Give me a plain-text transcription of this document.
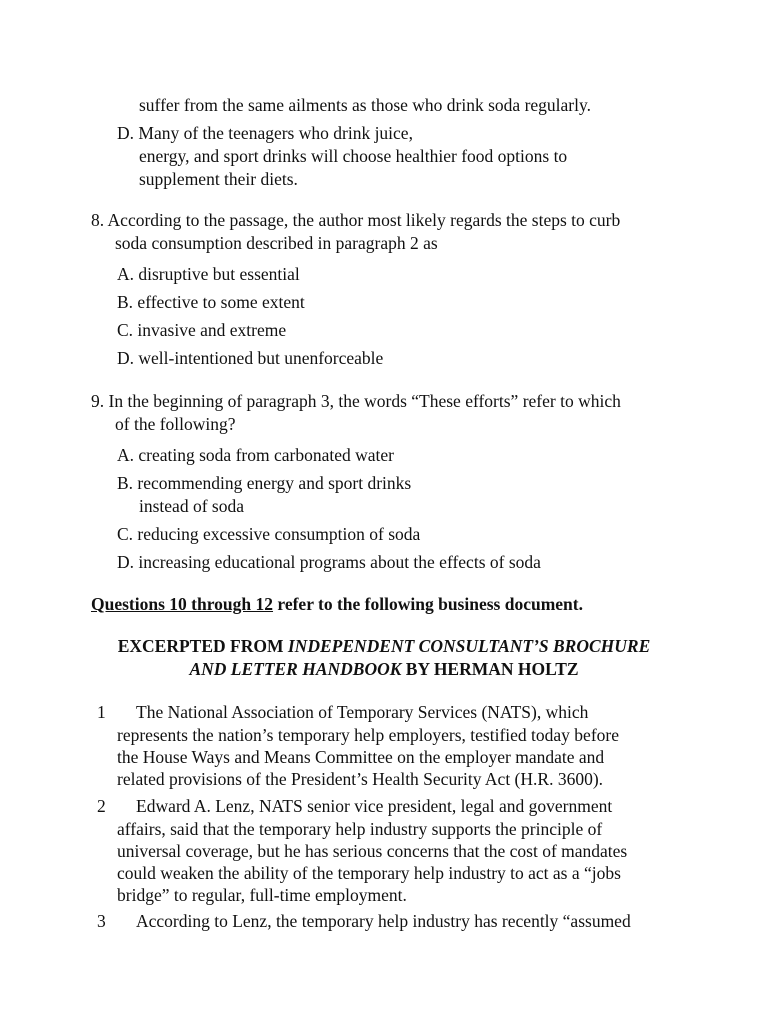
suffer from the same ailments as those who drink soda regularly.
D. Many of the teenagers who drink juice,
energy, and sport drinks will choose healthier food options to
supplement their diets.
8. According to the passage, the author most likely regards the steps to curb
soda consumption described in paragraph 2 as
A. disruptive but essential
B. effective to some extent
C. invasive and extreme
D. well-intentioned but unenforceable
9. In the beginning of paragraph 3, the words “These efforts” refer to which
of the following?
A. creating soda from carbonated water
B. recommending energy and sport drinks
instead of soda
C. reducing excessive consumption of soda
D. increasing educational programs about the effects of soda
Questions 10 through 12 refer to the following business document.
EXCERPTED FROM INDEPENDENT CONSULTANT’S BROCHURE
AND LETTER HANDBOOK BY HERMAN HOLTZ
1 The National Association of Temporary Services (NATS), which
represents the nation’s temporary help employers, testified today before
the House Ways and Means Committee on the employer mandate and
related provisions of the President’s Health Security Act (H.R. 3600).
2 Edward A. Lenz, NATS senior vice president, legal and government
affairs, said that the temporary help industry supports the principle of
universal coverage, but he has serious concerns that the cost of mandates
could weaken the ability of the temporary help industry to act as a “jobs
bridge” to regular, full-time employment.
3 According to Lenz, the temporary help industry has recently “assumed
